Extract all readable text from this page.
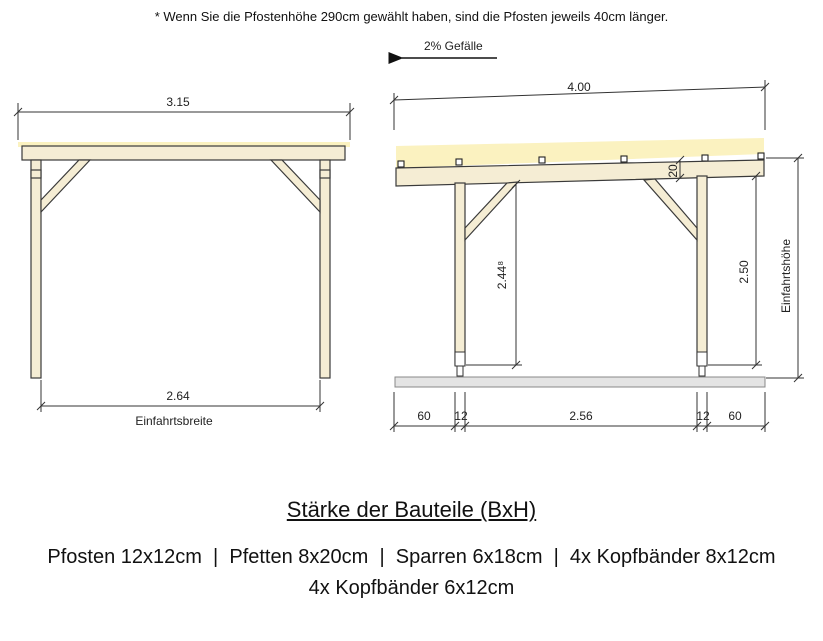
* Wenn Sie die Pfostenhöhe 290cm gewählt haben, sind die Pfosten jeweils 40cm länger.
3.15
2.64
Einfahrtsbreite
2% Gefälle
4.00
20
2.44⁸	2.50 Einfahrtshöhe
60 12	2.56	12 60
Stärke der Bauteile (BxH)
Pfosten 12x12cm  |  Pfetten 8x20cm  |  Sparren 6x18cm  |  4x Kopfbänder 8x12cm
4x Kopfbänder 6x12cm
